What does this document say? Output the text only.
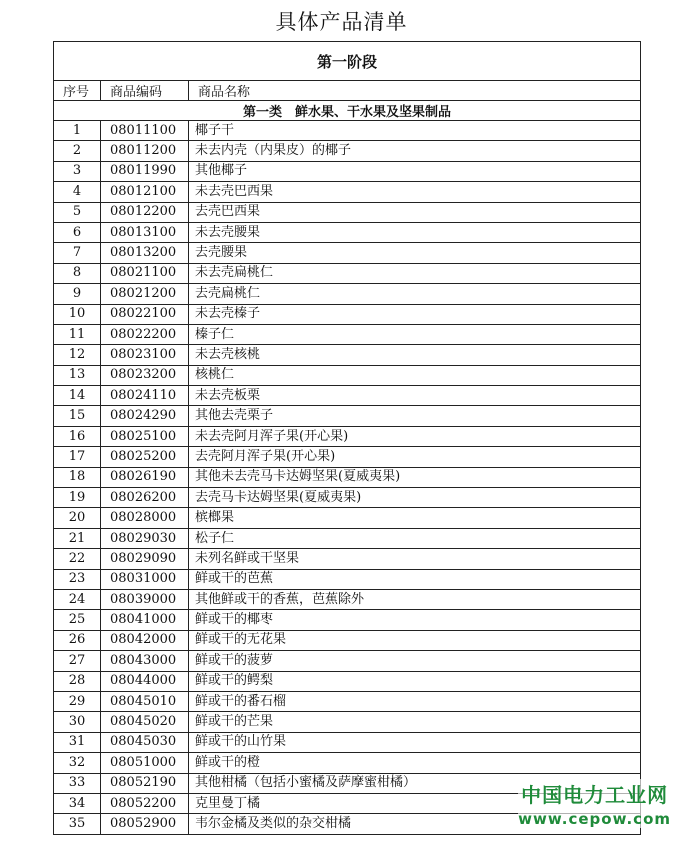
具体产品清单
第一阶段		
序号	商品编码	商品名称
第一类　鲜水果、干水果及坚果制品		
1	08011100	椰子干
2	08011200	未去内壳（内果皮）的椰子
3	08011990	其他椰子
4	08012100	未去壳巴西果
5	08012200	去壳巴西果
6	08013100	未去壳腰果
7	08013200	去壳腰果
8	08021100	未去壳扁桃仁
9	08021200	去壳扁桃仁
10	08022100	未去壳榛子
11	08022200	榛子仁
12	08023100	未去壳核桃
13	08023200	核桃仁
14	08024110	未去壳板栗
15	08024290	其他去壳栗子
16	08025100	未去壳阿月浑子果(开心果)
17	08025200	去壳阿月浑子果(开心果)
18	08026190	其他未去壳马卡达姆坚果(夏威夷果)
19	08026200	去壳马卡达姆坚果(夏威夷果)
20	08028000	槟榔果
21	08029030	松子仁
22	08029090	未列名鲜或干坚果
23	08031000	鲜或干的芭蕉
24	08039000	其他鲜或干的香蕉，芭蕉除外
25	08041000	鲜或干的椰枣
26	08042000	鲜或干的无花果
27	08043000	鲜或干的菠萝
28	08044000	鲜或干的鳄梨
29	08045010	鲜或干的番石榴
30	08045020	鲜或干的芒果
31	08045030	鲜或干的山竹果
32	08051000	鲜或干的橙
33	08052190	其他柑橘（包括小蜜橘及萨摩蜜柑橘）
34	08052200	克里曼丁橘
35	08052900	韦尔金橘及类似的杂交柑橘
中国电力工业网
www.cepow.com
